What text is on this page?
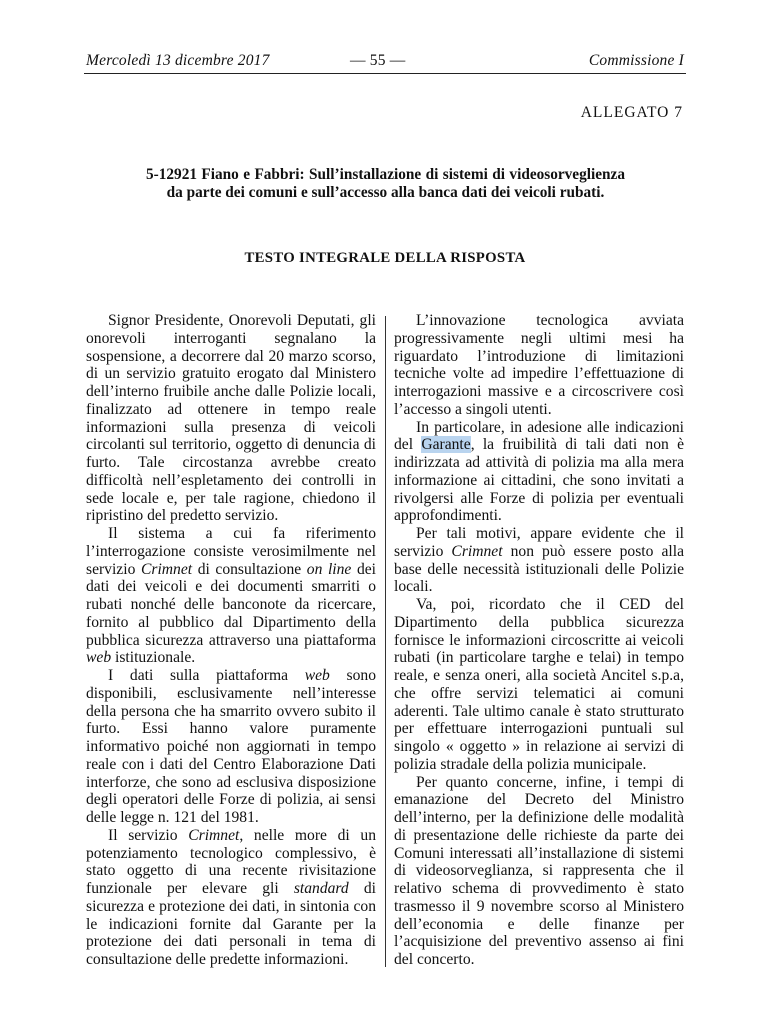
Mercoledì 13 dicembre 2017	— 55 —	Commissione I
ALLEGATO 7
5-12921 Fiano e Fabbri: Sull’installazione di sistemi di videosorveglienza da parte dei comuni e sull’accesso alla banca dati dei veicoli rubati.
TESTO INTEGRALE DELLA RISPOSTA

Signor Presidente, Onorevoli Deputati, gli onorevoli interroganti segnalano la sospensione, a decorrere dal 20 marzo scorso, di un servizio gratuito erogato dal Ministero dell’interno fruibile anche dalle Polizie locali, finalizzato ad ottenere in tempo reale informazioni sulla presenza di veicoli circolanti sul territorio, oggetto di denuncia di furto. Tale circostanza avrebbe creato difficoltà nell’espletamento dei controlli in sede locale e, per tale ragione, chiedono il ripristino del predetto servizio.

Il sistema a cui fa riferimento l’interrogazione consiste verosimilmente nel servizio Crimnet di consultazione on line dei dati dei veicoli e dei documenti smarriti o rubati nonché delle banconote da ricercare, fornito al pubblico dal Dipartimento della pubblica sicurezza attraverso una piattaforma web istituzionale.

I dati sulla piattaforma web sono disponibili, esclusivamente nell’interesse della persona che ha smarrito ovvero subito il furto. Essi hanno valore puramente informativo poiché non aggiornati in tempo reale con i dati del Centro Elaborazione Dati interforze, che sono ad esclusiva disposizione degli operatori delle Forze di polizia, ai sensi delle legge n. 121 del 1981.

Il servizio Crimnet, nelle more di un potenziamento tecnologico complessivo, è stato oggetto di una recente rivisitazione funzionale per elevare gli standard di sicurezza e protezione dei dati, in sintonia con le indicazioni fornite dal Garante per la protezione dei dati personali in tema di consultazione delle predette informazioni.

L’innovazione tecnologica avviata progressivamente negli ultimi mesi ha riguardato l’introduzione di limitazioni tecniche volte ad impedire l’effettuazione di interrogazioni massive e a circoscrivere così l’accesso a singoli utenti.

In particolare, in adesione alle indicazioni del Garante, la fruibilità di tali dati non è indirizzata ad attività di polizia ma alla mera informazione ai cittadini, che sono invitati a rivolgersi alle Forze di polizia per eventuali approfondimenti.

Per tali motivi, appare evidente che il servizio Crimnet non può essere posto alla base delle necessità istituzionali delle Polizie locali.

Va, poi, ricordato che il CED del Dipartimento della pubblica sicurezza fornisce le informazioni circoscritte ai veicoli rubati (in particolare targhe e telai) in tempo reale, e senza oneri, alla società Ancitel s.p.a, che offre servizi telematici ai comuni aderenti. Tale ultimo canale è stato strutturato per effettuare interrogazioni puntuali sul singolo « oggetto » in relazione ai servizi di polizia stradale della polizia municipale.

Per quanto concerne, infine, i tempi di emanazione del Decreto del Ministro dell’interno, per la definizione delle modalità di presentazione delle richieste da parte dei Comuni interessati all’installazione di sistemi di videosorveglianza, si rappresenta che il relativo schema di provvedimento è stato trasmesso il 9 novembre scorso al Ministero dell’economia e delle finanze per l’acquisizione del preventivo assenso ai fini del concerto.
